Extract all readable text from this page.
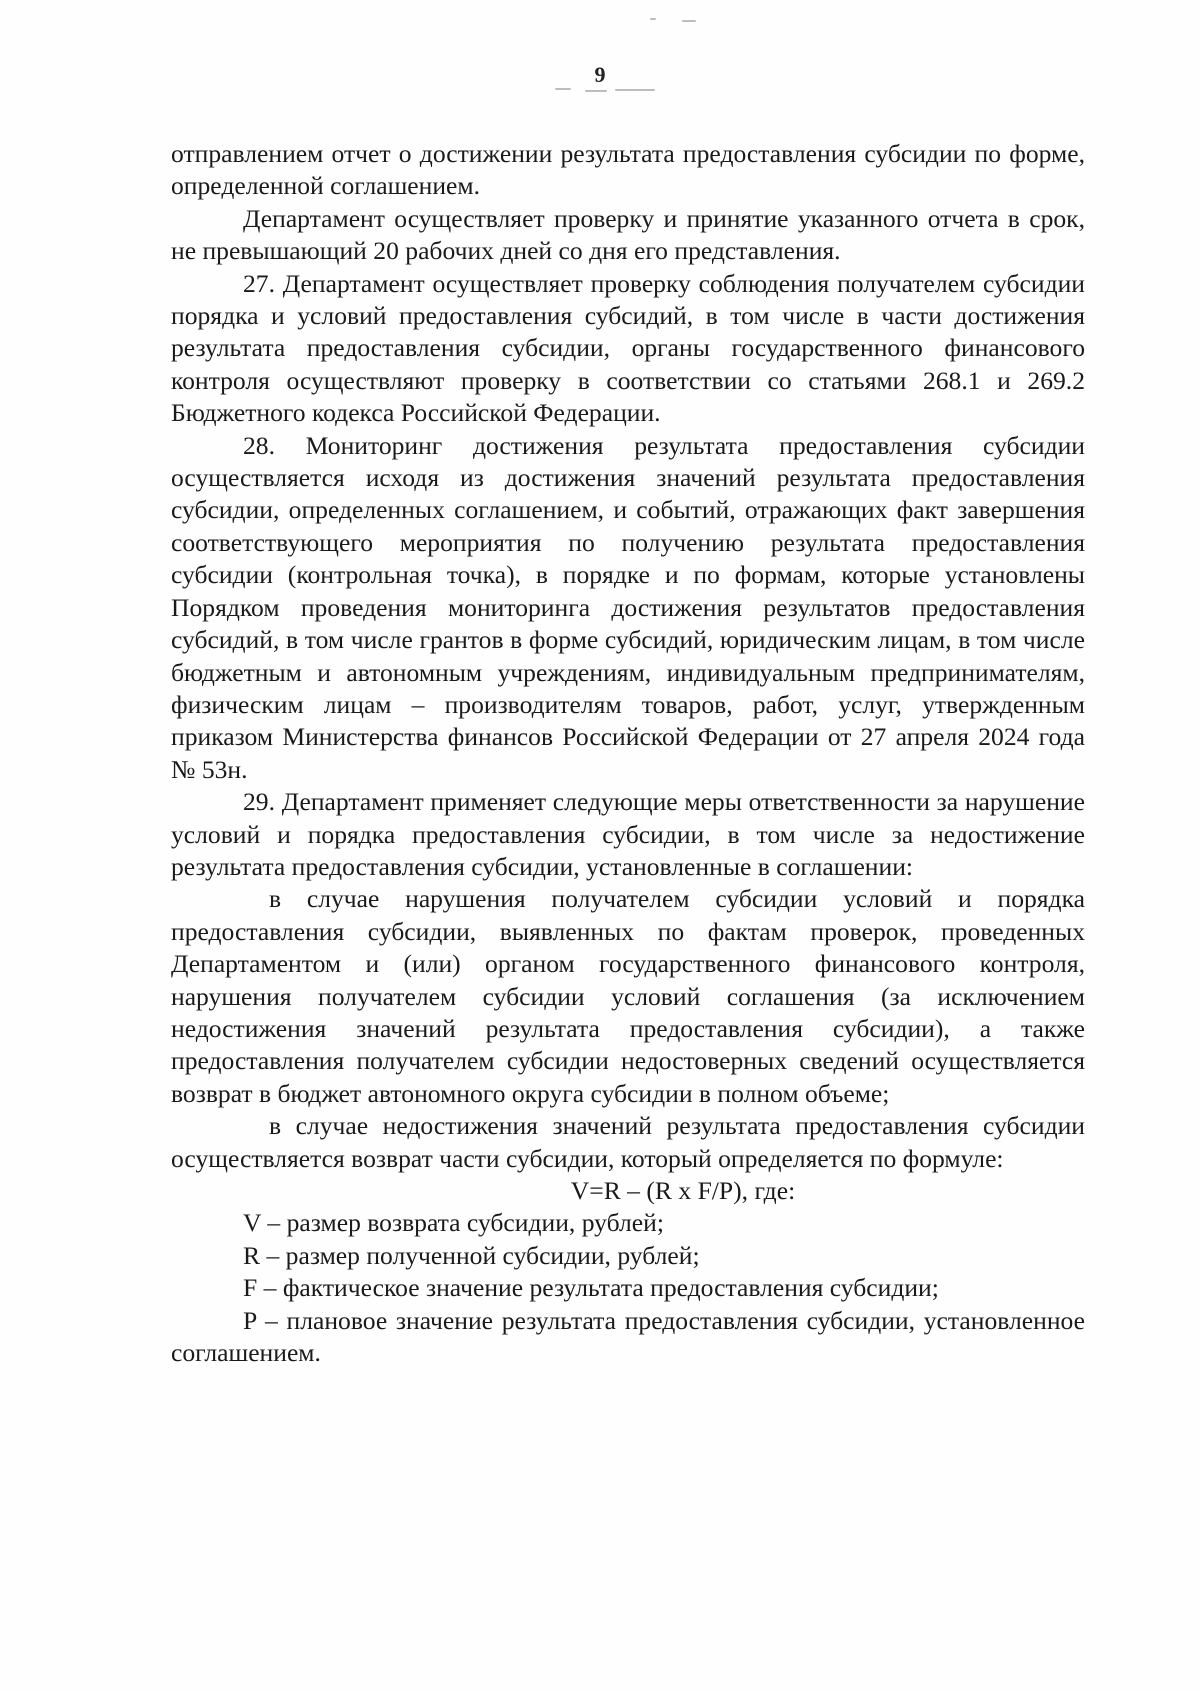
9

отправлением отчет о достижении результата предоставления субсидии по форме, определенной соглашением.

Департамент осуществляет проверку и принятие указанного отчета в срок, не превышающий 20 рабочих дней со дня его представления.

27. Департамент осуществляет проверку соблюдения получателем субсидии порядка и условий предоставления субсидий, в том числе в части достижения результата предоставления субсидии, органы государственного финансового контроля осуществляют проверку в соответствии со статьями 268.1 и 269.2 Бюджетного кодекса Российской Федерации.

28. Мониторинг достижения результата предоставления субсидии осуществляется исходя из достижения значений результата предоставления субсидии, определенных соглашением, и событий, отражающих факт завершения соответствующего мероприятия по получению результата предоставления субсидии (контрольная точка), в порядке и по формам, которые установлены Порядком проведения мониторинга достижения результатов предоставления субсидий, в том числе грантов в форме субсидий, юридическим лицам, в том числе бюджетным и автономным учреждениям, индивидуальным предпринимателям, физическим лицам – производителям товаров, работ, услуг, утвержденным приказом Министерства финансов Российской Федерации от 27 апреля 2024 года № 53н.

29. Департамент применяет следующие меры ответственности за нарушение условий и порядка предоставления субсидии, в том числе за недостижение результата предоставления субсидии, установленные в соглашении:

в случае нарушения получателем субсидии условий и порядка предоставления субсидии, выявленных по фактам проверок, проведенных Департаментом и (или) органом государственного финансового контроля, нарушения получателем субсидии условий соглашения (за исключением недостижения значений результата предоставления субсидии), а также предоставления получателем субсидии недостоверных сведений осуществляется возврат в бюджет автономного округа субсидии в полном объеме;

в случае недостижения значений результата предоставления субсидии осуществляется возврат части субсидии, который определяется по формуле:

V=R – (R x F/P), где:

V – размер возврата субсидии, рублей;

R – размер полученной субсидии, рублей;

F – фактическое значение результата предоставления субсидии;

P – плановое значение результата предоставления субсидии, установленное соглашением.
